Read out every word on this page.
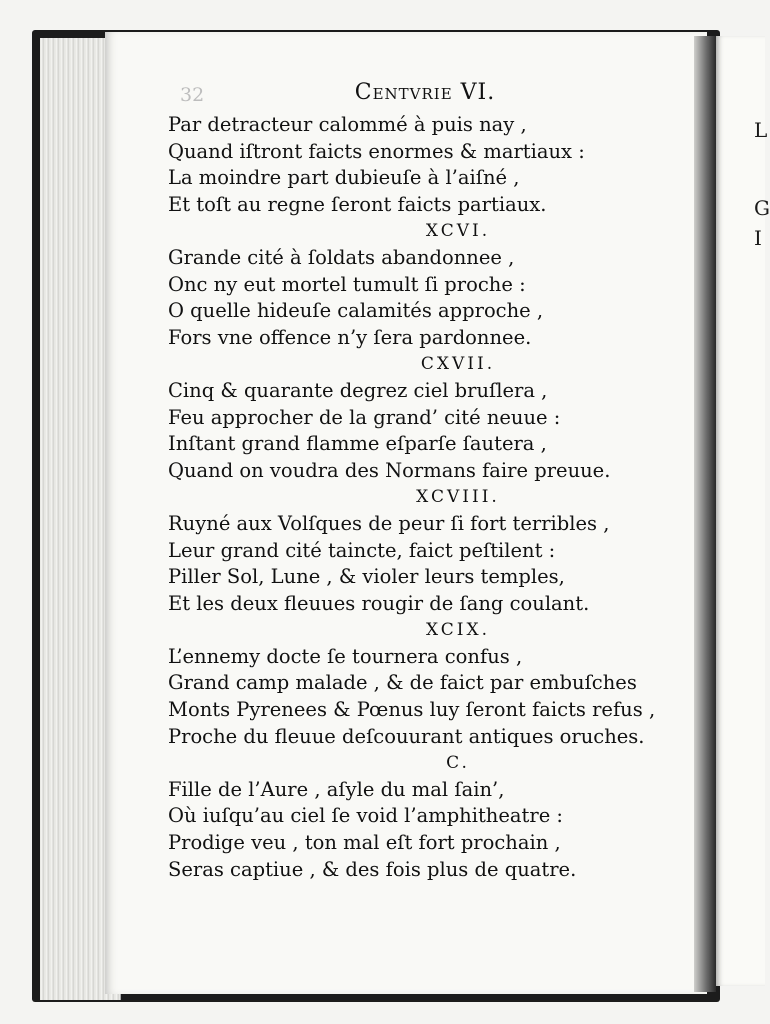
L
G
I
32	Centvrie VI.
Par detracteur calommé à puis nay ,
Quand iſtront faicts enormes & martiaux :
La moindre part dubieuſe à l’aiſné ,
Et toſt au regne ſeront faicts partiaux.
XCVI.
Grande cité à ſoldats abandonnee ,
Onc ny eut mortel tumult ſi proche :
O quelle hideuſe calamités approche ,
Fors vne offence n’y ſera pardonnee.
CXVII.
Cinq & quarante degrez ciel bruſlera ,
Feu approcher de la grand’ cité neuue :
Inſtant grand flamme eſparſe ſautera ,
Quand on voudra des Normans faire preuue.
XCVIII.
Ruyné aux Volſques de peur ſi fort terribles ,
Leur grand cité taincte, faict peſtilent :
Piller Sol, Lune , & violer leurs temples,
Et les deux fleuues rougir de ſang coulant.
XCIX.
L’ennemy docte ſe tournera confus ,
Grand camp malade , & de faict par embuſches
Monts Pyrenees & Pœnus luy ſeront faicts refus ,
Proche du fleuue deſcouurant antiques oruches.
C.
Fille de l’Aure , aſyle du mal ſain’,
Où iuſqu’au ciel ſe void l’amphitheatre :
Prodige veu , ton mal eſt fort prochain ,
Seras captiue , & des fois plus de quatre.
